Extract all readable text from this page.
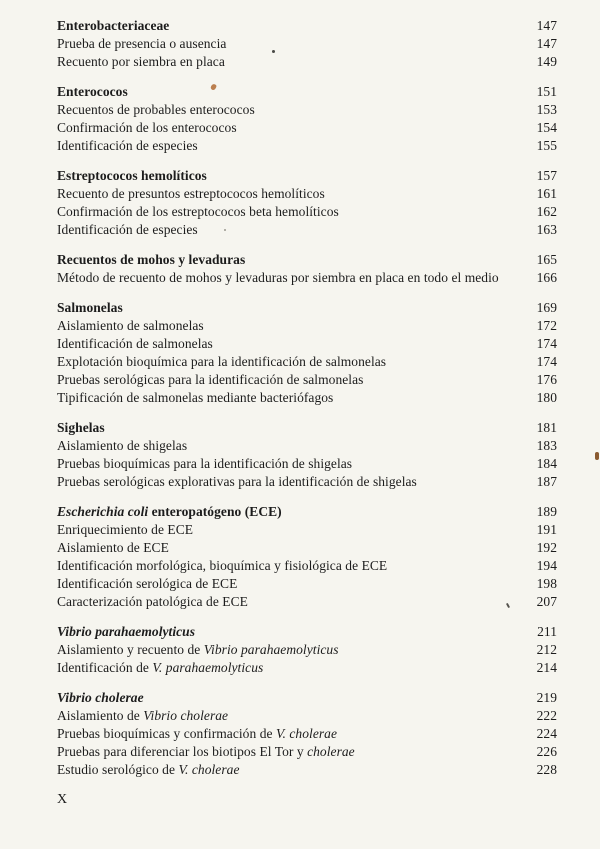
Enterobacteriaceae	147
Prueba de presencia o ausencia	147
Recuento por siembra en placa	149
Enterococos	151
Recuentos de probables enterococos	153
Confirmación de los enterococos	154
Identificación de especies	155
Estreptococos hemolíticos	157
Recuento de presuntos estreptococos hemolíticos	161
Confirmación de los estreptococos beta hemolíticos	162
Identificación de especies	163
Recuentos de mohos y levaduras	165
Método de recuento de mohos y levaduras por siembra en placa en todo el medio	166
Salmonelas	169
Aislamiento de salmonelas	172
Identificación de salmonelas	174
Explotación bioquímica para la identificación de salmonelas	174
Pruebas serológicas para la identificación de salmonelas	176
Tipificación de salmonelas mediante bacteriófagos	180
Sighelas	181
Aislamiento de shigelas	183
Pruebas bioquímicas para la identificación de shigelas	184
Pruebas serológicas explorativas para la identificación de shigelas	187
Escherichia coli enteropatógeno (ECE)	189
Enriquecimiento de ECE	191
Aislamiento de ECE	192
Identificación morfológica, bioquímica y fisiológica de ECE	194
Identificación serológica de ECE	198
Caracterización patológica de ECE	207
Vibrio parahaemolyticus	211
Aislamiento y recuento de Vibrio parahaemolyticus	212
Identificación de V. parahaemolyticus	214
Vibrio cholerae	219
Aislamiento de Vibrio cholerae	222
Pruebas bioquímicas y confirmación de V. cholerae	224
Pruebas para diferenciar los biotipos El Tor y cholerae	226
Estudio serológico de V. cholerae	228
X
